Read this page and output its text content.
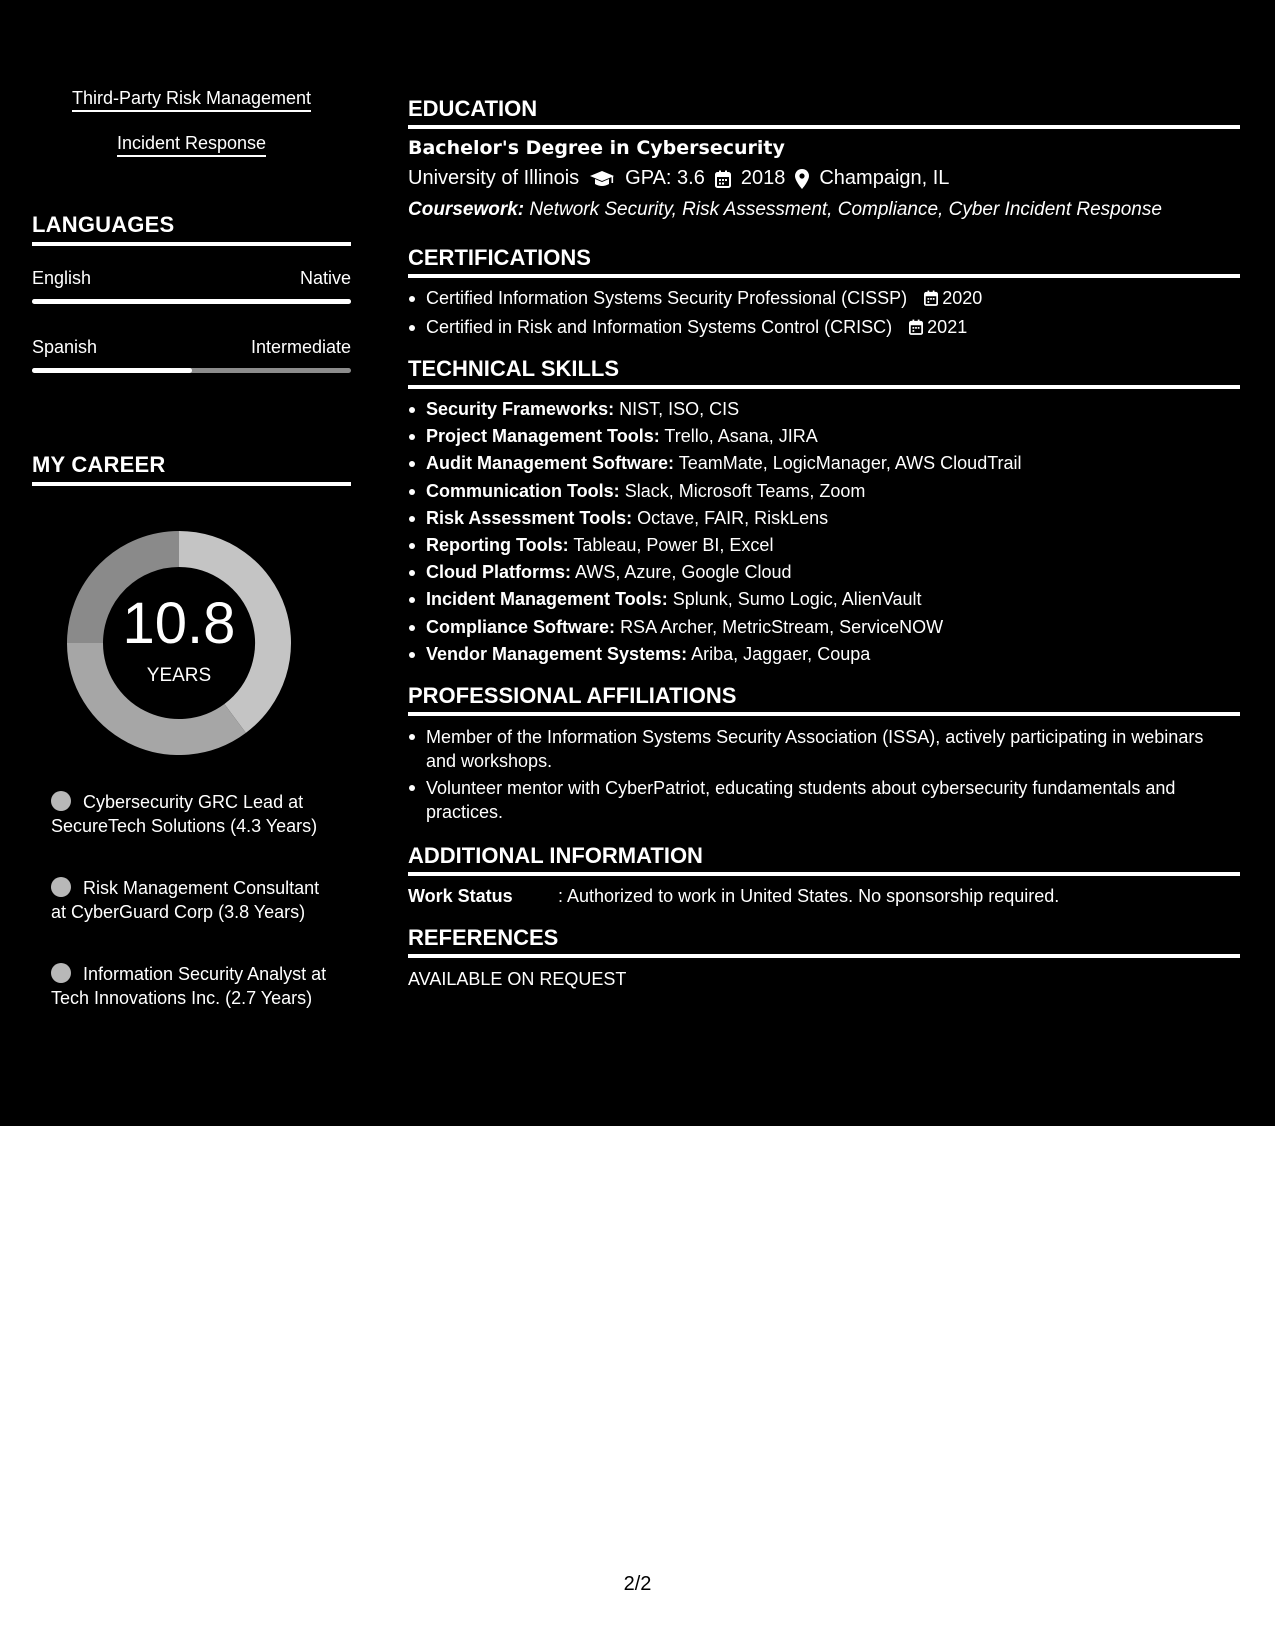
Third-Party Risk Management
Incident Response
LANGUAGES
English	Native
Spanish	Intermediate
MY CAREER
10.8
YEARS
Cybersecurity GRC Lead at SecureTech Solutions (4.3 Years)
Risk Management Consultant at CyberGuard Corp (3.8 Years)
Information Security Analyst at Tech Innovations Inc. (2.7 Years)
EDUCATION
Bachelor's Degree in Cybersecurity
University of Illinois GPA: 3.6 2018 Champaign, IL
Coursework: Network Security, Risk Assessment, Compliance, Cyber Incident Response
CERTIFICATIONS
Certified Information Systems Security Professional (CISSP) 2020
Certified in Risk and Information Systems Control (CRISC) 2021
TECHNICAL SKILLS
Security Frameworks: NIST, ISO, CIS
Project Management Tools: Trello, Asana, JIRA
Audit Management Software: TeamMate, LogicManager, AWS CloudTrail
Communication Tools: Slack, Microsoft Teams, Zoom
Risk Assessment Tools: Octave, FAIR, RiskLens
Reporting Tools: Tableau, Power BI, Excel
Cloud Platforms: AWS, Azure, Google Cloud
Incident Management Tools: Splunk, Sumo Logic, AlienVault
Compliance Software: RSA Archer, MetricStream, ServiceNOW
Vendor Management Systems: Ariba, Jaggaer, Coupa
PROFESSIONAL AFFILIATIONS
Member of the Information Systems Security Association (ISSA), actively participating in webinars and workshops.
Volunteer mentor with CyberPatriot, educating students about cybersecurity fundamentals and practices.
ADDITIONAL INFORMATION
Work Status	: Authorized to work in United States. No sponsorship required.
REFERENCES
AVAILABLE ON REQUEST
2/2
